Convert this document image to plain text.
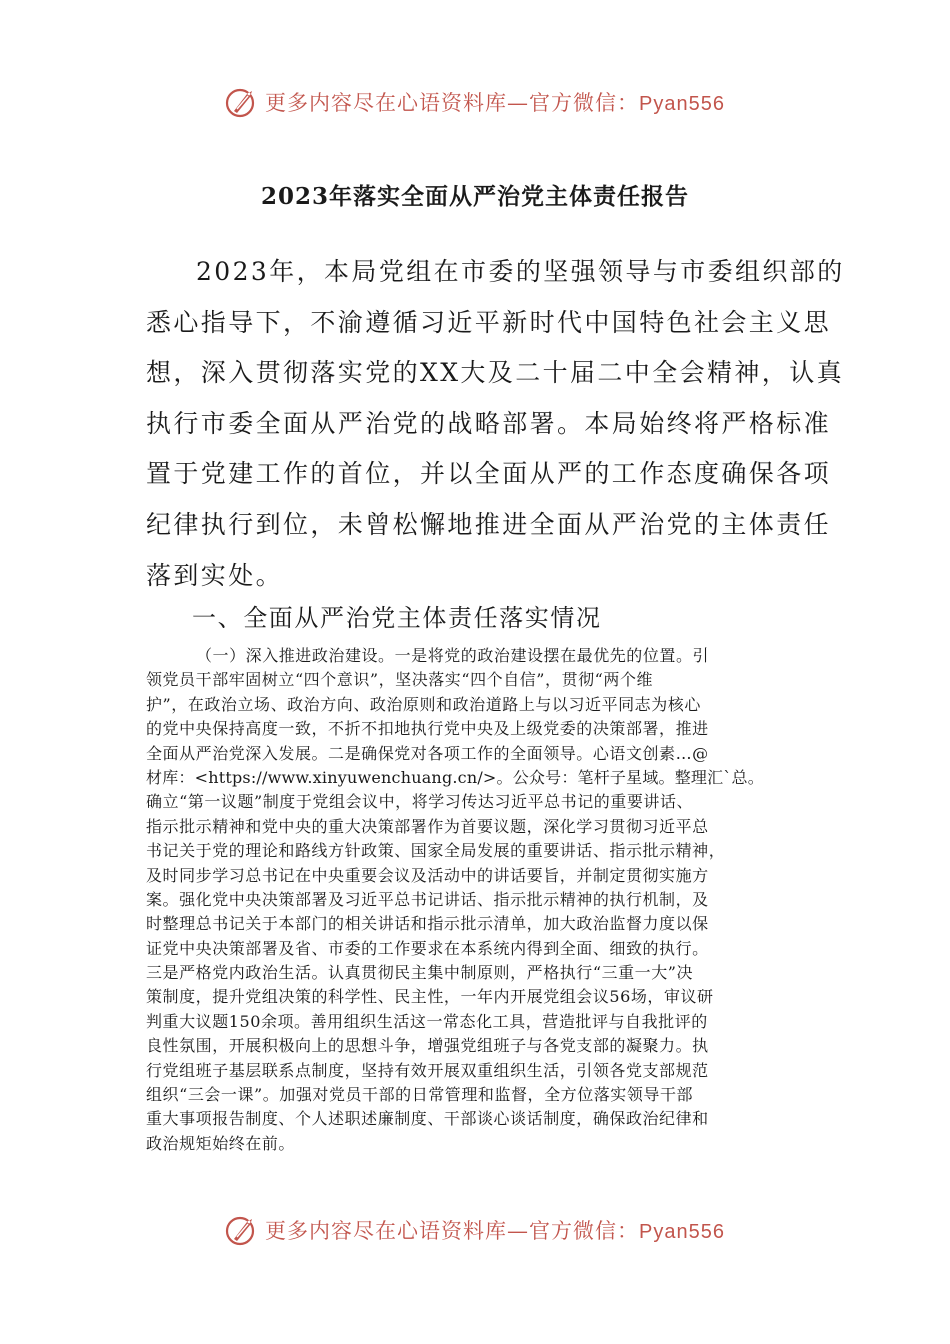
更多内容尽在心语资料库—官方微信：Pyan556
2023年落实全面从严治党主体责任报告
2023年，本局党组在市委的坚强领导与市委组织部的
悉心指导下，不渝遵循习近平新时代中国特色社会主义思
想，深入贯彻落实党的XX大及二十届二中全会精神，认真
执行市委全面从严治党的战略部署。本局始终将严格标准
置于党建工作的首位，并以全面从严的工作态度确保各项
纪律执行到位，未曾松懈地推进全面从严治党的主体责任
落到实处。
一、全面从严治党主体责任落实情况
（一）深入推进政治建设。一是将党的政治建设摆在最优先的位置。引
领党员干部牢固树立“四个意识”，坚决落实“四个自信”，贯彻“两个维
护”，在政治立场、政治方向、政治原则和政治道路上与以习近平同志为核心
的党中央保持高度一致，不折不扣地执行党中央及上级党委的决策部署，推进
全面从严治党深入发展。二是确保党对各项工作的全面领导。心语文创素…@
材库：<https://www.xinyuwenchuang.cn/>。公众号：笔杆子星域。整理汇`总。
确立“第一议题”制度于党组会议中，将学习传达习近平总书记的重要讲话、
指示批示精神和党中央的重大决策部署作为首要议题，深化学习贯彻习近平总
书记关于党的理论和路线方针政策、国家全局发展的重要讲话、指示批示精神，
及时同步学习总书记在中央重要会议及活动中的讲话要旨，并制定贯彻实施方
案。强化党中央决策部署及习近平总书记讲话、指示批示精神的执行机制，及
时整理总书记关于本部门的相关讲话和指示批示清单，加大政治监督力度以保
证党中央决策部署及省、市委的工作要求在本系统内得到全面、细致的执行。
三是严格党内政治生活。认真贯彻民主集中制原则，严格执行“三重一大”决
策制度，提升党组决策的科学性、民主性，一年内开展党组会议56场，审议研
判重大议题150余项。善用组织生活这一常态化工具，营造批评与自我批评的
良性氛围，开展积极向上的思想斗争，增强党组班子与各党支部的凝聚力。执
行党组班子基层联系点制度，坚持有效开展双重组织生活，引领各党支部规范
组织“三会一课”。加强对党员干部的日常管理和监督，全方位落实领导干部
重大事项报告制度、个人述职述廉制度、干部谈心谈话制度，确保政治纪律和
政治规矩始终在前。
更多内容尽在心语资料库—官方微信：Pyan556
